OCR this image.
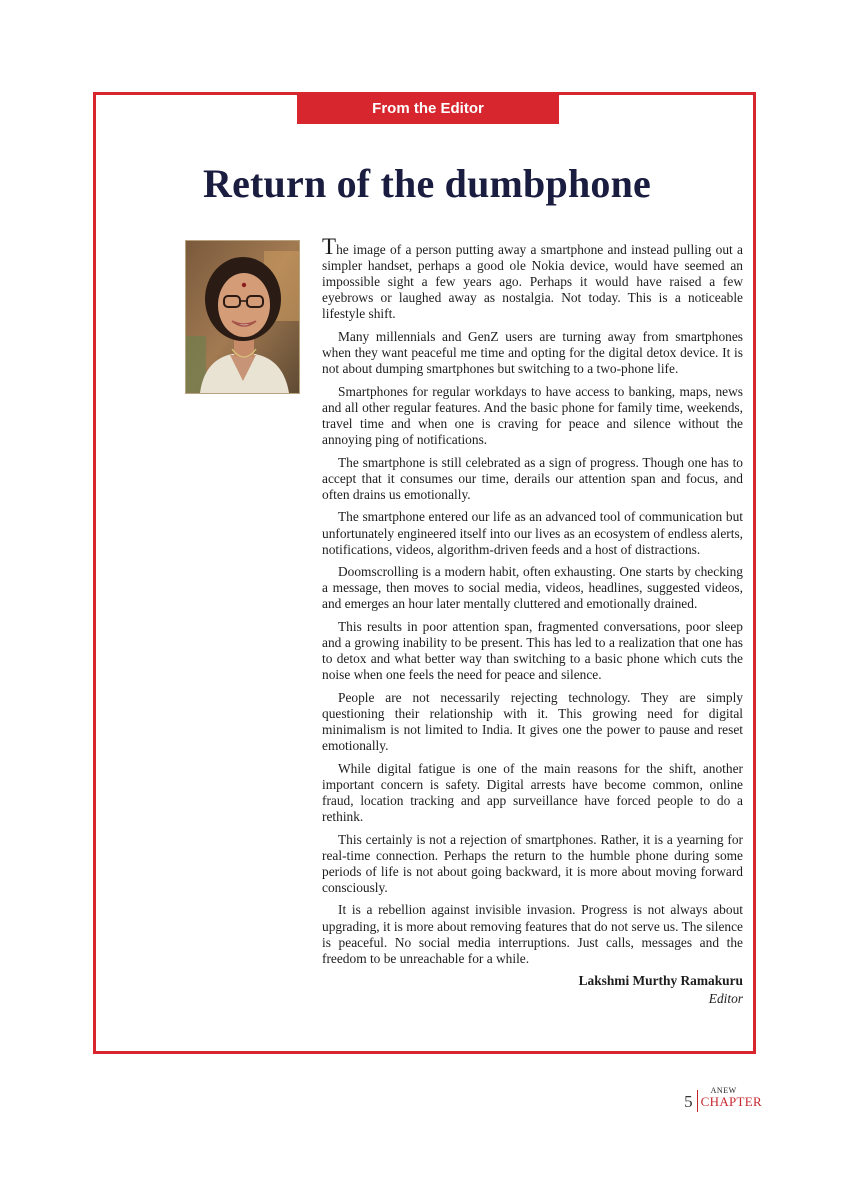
From the Editor
Return of the dumbphone

The image of a person putting away a smartphone and instead pulling out a simpler handset, perhaps a good ole Nokia device, would have seemed an impossible sight a few years ago. Perhaps it would have raised a few eyebrows or laughed away as nostalgia. Not today. This is a noticeable lifestyle shift.

Many millennials and GenZ users are turning away from smartphones when they want peaceful me time and opting for the digital detox device. It is not about dumping smartphones but switching to a two-phone life.

Smartphones for regular workdays to have access to banking, maps, news and all other regular features. And the basic phone for family time, weekends, travel time and when one is craving for peace and silence without the annoying ping of notifications.

The smartphone is still celebrated as a sign of progress. Though one has to accept that it consumes our time, derails our attention span and focus, and often drains us emotionally.

The smartphone entered our life as an advanced tool of communication but unfortunately engineered itself into our lives as an ecosystem of endless alerts, notifications, videos, algorithm-driven feeds and a host of distractions.

Doomscrolling is a modern habit, often exhausting. One starts by checking a message, then moves to social media, videos, headlines, suggested videos, and emerges an hour later mentally cluttered and emotionally drained.

This results in poor attention span, fragmented conversations, poor sleep and a growing inability to be present. This has led to a realization that one has to detox and what better way than switching to a basic phone which cuts the noise when one feels the need for peace and silence.

People are not necessarily rejecting technology. They are simply questioning their relationship with it. This growing need for digital minimalism is not limited to India. It gives one the power to pause and reset emotionally.

While digital fatigue is one of the main reasons for the shift, another important concern is safety. Digital arrests have become common, online fraud, location tracking and app surveillance have forced people to do a rethink.

This certainly is not a rejection of smartphones. Rather, it is a yearning for real-time connection. Perhaps the return to the humble phone during some periods of life is not about going backward, it is more about moving forward consciously.

It is a rebellion against invisible invasion. Progress is not always about upgrading, it is more about removing features that do not serve us. The silence is peaceful. No social media interruptions. Just calls, messages and the freedom to be unreachable for a while.

Lakshmi Murthy Ramakuru
Editor
5
ANEW
CHAPTER
